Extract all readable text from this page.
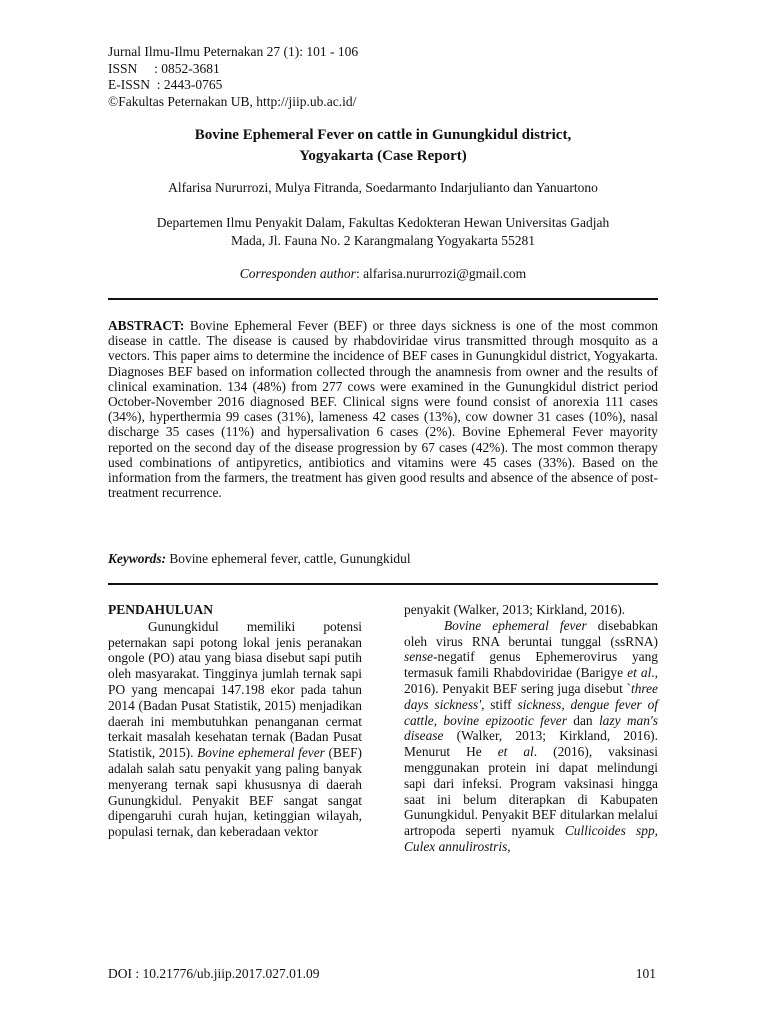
Jurnal Ilmu-Ilmu Peternakan 27 (1): 101 - 106
ISSN     : 0852-3681
E-ISSN  : 2443-0765
©Fakultas Peternakan UB, http://jiip.ub.ac.id/
Bovine Ephemeral Fever on cattle in Gunungkidul district,
Yogyakarta (Case Report)
Alfarisa Nururrozi, Mulya Fitranda, Soedarmanto Indarjulianto dan Yanuartono
Departemen Ilmu Penyakit Dalam, Fakultas Kedokteran Hewan Universitas Gadjah
Mada, Jl. Fauna No. 2 Karangmalang Yogyakarta 55281
Corresponden author: alfarisa.nururrozi@gmail.com

ABSTRACT: Bovine Ephemeral Fever (BEF) or three days sickness is one of the most common disease in cattle. The disease is caused by rhabdoviridae virus transmitted through mosquito as a vectors. This paper aims to determine the incidence of BEF cases in Gunungkidul district, Yogyakarta. Diagnoses BEF based on information collected through the anamnesis from owner and the results of clinical examination. 134 (48%) from 277 cows were examined in the Gunungkidul district period October-November 2016 diagnosed BEF. Clinical signs were found consist of anorexia 111 cases (34%), hyperthermia 99 cases (31%), lameness 42 cases (13%), cow downer 31 cases (10%), nasal discharge 35 cases (11%) and hypersalivation 6 cases (2%). Bovine Ephemeral Fever mayority reported on the second day of the disease progression by 67 cases (42%). The most common therapy used combinations of antipyretics, antibiotics and vitamins were 45 cases (33%). Based on the information from the farmers, the treatment has given good results and absence of the absence of post-treatment recurrence.

Keywords: Bovine ephemeral fever, cattle, Gunungkidul
PENDAHULUAN

Gunungkidul memiliki potensi peternakan sapi potong lokal jenis peranakan ongole (PO) atau yang biasa disebut sapi putih oleh masyarakat. Tingginya jumlah ternak sapi PO yang mencapai 147.198 ekor pada tahun 2014 (Badan Pusat Statistik, 2015) menjadikan daerah ini membutuhkan penanganan cermat terkait masalah kesehatan ternak (Badan Pusat Statistik, 2015). Bovine ephemeral fever (BEF) adalah salah satu penyakit yang paling banyak menyerang ternak sapi khususnya di daerah Gunungkidul. Penyakit BEF sangat sangat dipengaruhi curah hujan, ketinggian wilayah, populasi ternak, dan keberadaan vektor

penyakit (Walker, 2013; Kirkland, 2016).

Bovine ephemeral fever disebabkan oleh virus RNA beruntai tunggal (ssRNA) sense-negatif genus Ephemerovirus yang termasuk famili Rhabdoviridae (Barigye et al., 2016). Penyakit BEF sering juga disebut `three days sickness', stiff sickness, dengue fever of cattle, bovine epizootic fever dan lazy man's disease (Walker, 2013; Kirkland, 2016). Menurut He et al. (2016), vaksinasi menggunakan protein ini dapat melindungi sapi dari infeksi. Program vaksinasi hingga saat ini belum diterapkan di Kabupaten Gunungkidul. Penyakit BEF ditularkan melalui artropoda seperti nyamuk Cullicoides spp, Culex annulirostris,

DOI : 10.21776/ub.jiip.2017.027.01.09	101
